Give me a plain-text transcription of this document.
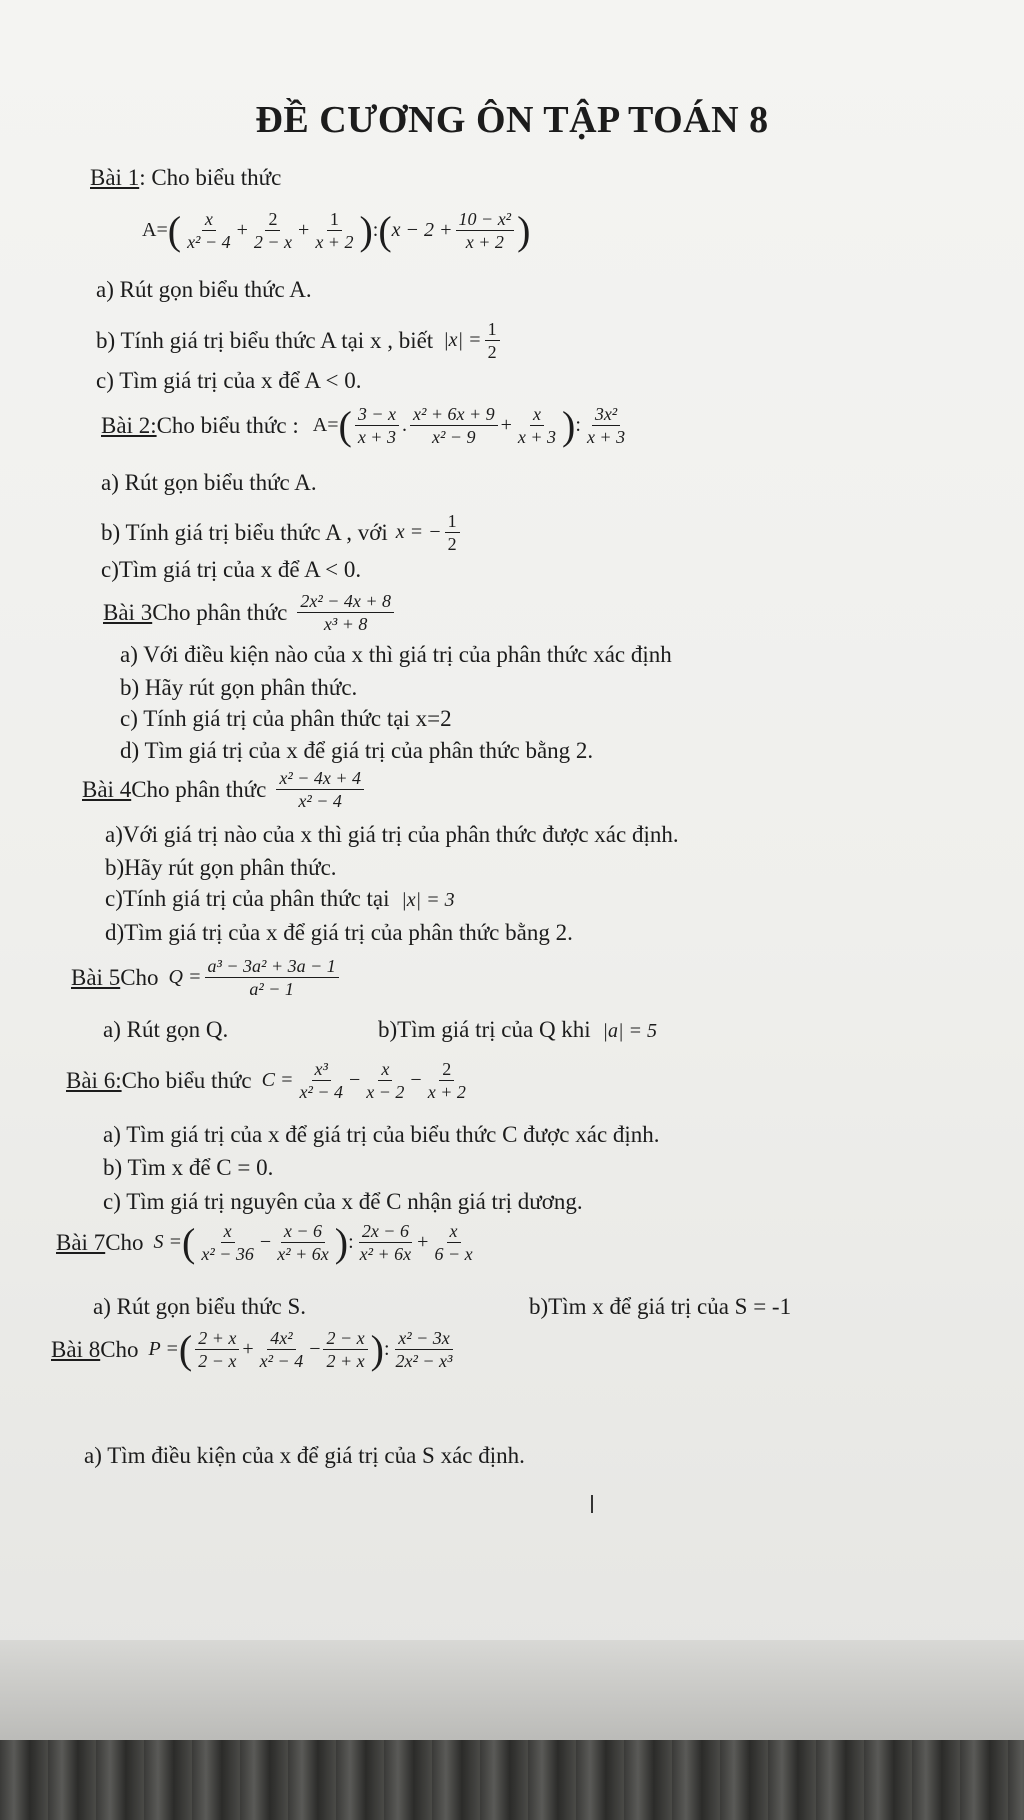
ĐỀ CƯƠNG ÔN TẬP TOÁN 8
Bài 1: Cho biểu thức
A= ( $\frac{x}{\text{x² − 4}} + \frac{2}{2 - x} + \frac{1}{x + 2}$ ) : ( $x - 2 + \frac{\text{10 − x²}}{x + 2}$ )
a) Rút gọn biểu thức A.
b) Tính giá trị biểu thức A tại x , biết $|x| = \frac{1}{2}$
c) Tìm giá trị của x để A < 0.
Bài 2: Cho biểu thức : A= ( $\frac{3 - x}{x + 3}$ . $\frac{\text{x² + 6x + 9}}{\text{x² − 9}} + \frac{x}{x + 3}$ ) : $\frac{\text{3x²}}{x + 3}$
a) Rút gọn biểu thức A.
b) Tính giá trị biểu thức A , với x = − $\frac{1}{2}$
c)Tìm giá trị của x để A < 0.
Bài 3 Cho phân thức $\frac{\text{2x² − 4x + 8}}{\text{x³ + 8}}$
a) Với điều kiện nào của x thì giá trị của phân thức xác định
b) Hãy rút gọn phân thức.
c) Tính giá trị của phân thức tại x=2
d) Tìm giá trị của x để giá trị của phân thức bằng 2.
Bài 4 Cho phân thức $\frac{\text{x² − 4x + 4}}{\text{x² − 4}}$
a)Với giá trị nào của x thì giá trị của phân thức được xác định.
b)Hãy rút gọn phân thức.
c)Tính giá trị của phân thức tại |x| = 3
d)Tìm giá trị của x để giá trị của phân thức bằng 2.
Bài 5 Cho $Q = \frac{\text{a³ − 3a² + 3a − 1}}{\text{a² − 1}}$
a) Rút gọn Q.	b)Tìm giá trị của Q khi |a| = 5
Bài 6: Cho biểu thức $C = \frac{\text{x³}}{\text{x² − 4}} - \frac{x}{x - 2} - \frac{2}{x + 2}$
a) Tìm giá trị của x để giá trị của biểu thức C được xác định.
b) Tìm x để C = 0.
c) Tìm giá trị nguyên của x để C nhận giá trị dương.
Bài 7 Cho S = ( $\frac{x}{\text{x² − 36}} - \frac{x - 6}{\text{x² + 6x}}$ ) : $\frac{2x - 6}{\text{x² + 6x}} + \frac{x}{6 - x}$
a) Rút gọn biểu thức S.	b)Tìm x để giá trị của S = -1
Bài 8 Cho P = ( $\frac{2 + x}{2 - x} + \frac{\text{4x²}}{\text{x² − 4}} - \frac{2 - x}{2 + x}$ ) : $\frac{\text{x² − 3x}}{\text{2x² − x³}}$
a) Tìm điều kiện của x để giá trị của S xác định.
